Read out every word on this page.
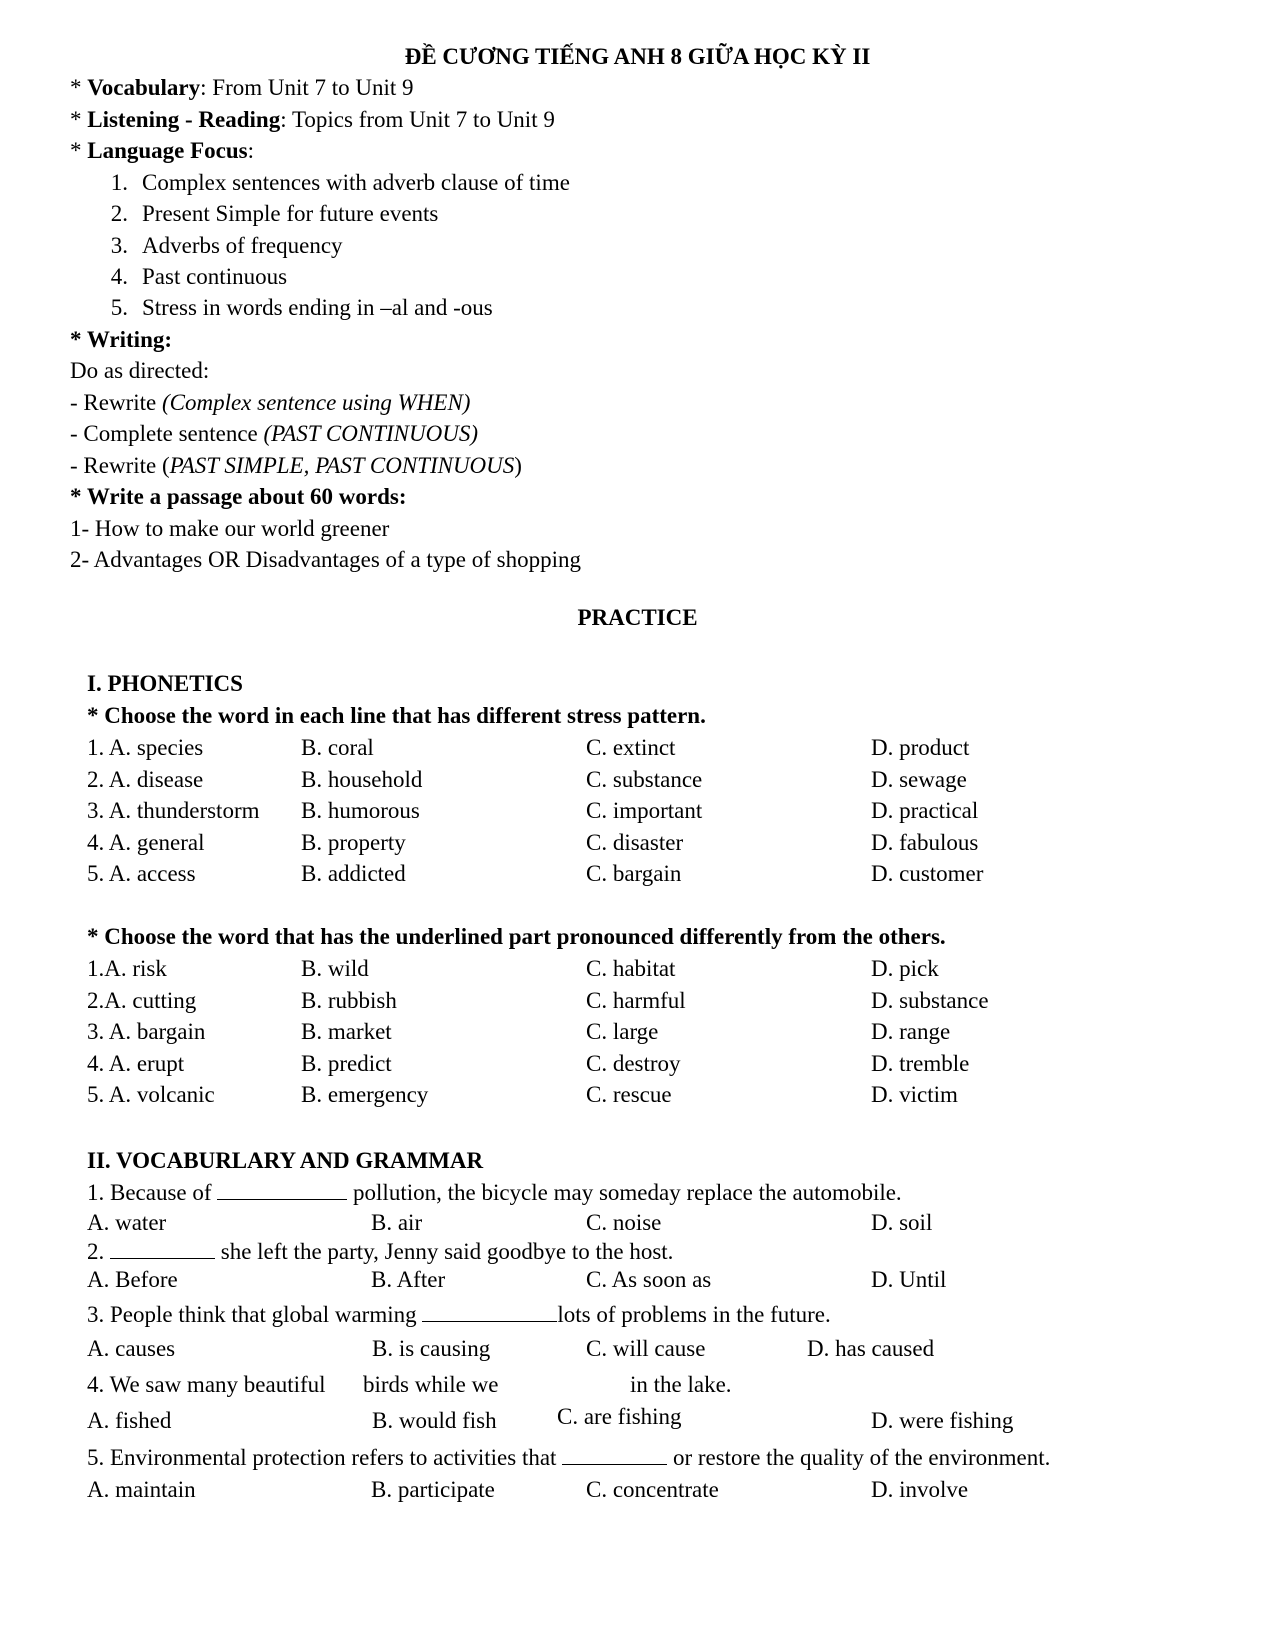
ĐỀ CƯƠNG TIẾNG ANH 8 GIỮA HỌC KỲ II
* Vocabulary: From Unit 7 to Unit 9
* Listening - Reading: Topics from Unit 7 to Unit 9
* Language Focus:
1. Complex sentences with adverb clause of time
2. Present Simple for future events
3. Adverbs of frequency
4. Past continuous
5. Stress in words ending in –al and -ous
* Writing:
Do as directed:
- Rewrite (Complex sentence using WHEN)
- Complete sentence (PAST CONTINUOUS)
- Rewrite (PAST SIMPLE, PAST CONTINUOUS)
* Write a passage about 60 words:
1- How to make our world greener
2- Advantages OR Disadvantages of a type of shopping
PRACTICE
I. PHONETICS
* Choose the word in each line that has different stress pattern.
1. A. species	B. coral	C. extinct	D. product
2. A. disease	B. household	C. substance	D. sewage
3. A. thunderstorm B. humorous	C. important	D. practical
4. A. general	B. property	C. disaster	D. fabulous
5. A. access	B. addicted	C. bargain	D. customer
* Choose the word that has the underlined part pronounced differently from the others.
1.A. risk	B. wild	C. habitat	D. pick
2.A. cutting	B. rubbish	C. harmful	D. substance
3. A. bargain	B. market	C. large	D. range
4. A. erupt	B. predict	C. destroy	D. tremble
5. A. volcanic	B. emergency	C. rescue	D. victim
II. VOCABURLARY AND GRAMMAR
1. Because of	pollution, the bicycle may someday replace the automobile.
A. water	B. air	C. noise	D. soil
2.	she left the party, Jenny said goodbye to the host.
A. Before	B. After	C. As soon as	D. Until
3. People think that global warming	lots of problems in the future.
A. causes	B. is causing	C. will cause	D. has caused
4. We saw many beautiful birds while we	in the lake.
A. fished	B. would fish	C. are fishing	D. were fishing
5. Environmental protection refers to activities that	or restore the quality of the environment.
A. maintain	B. participate	C. concentrate	D. involve
